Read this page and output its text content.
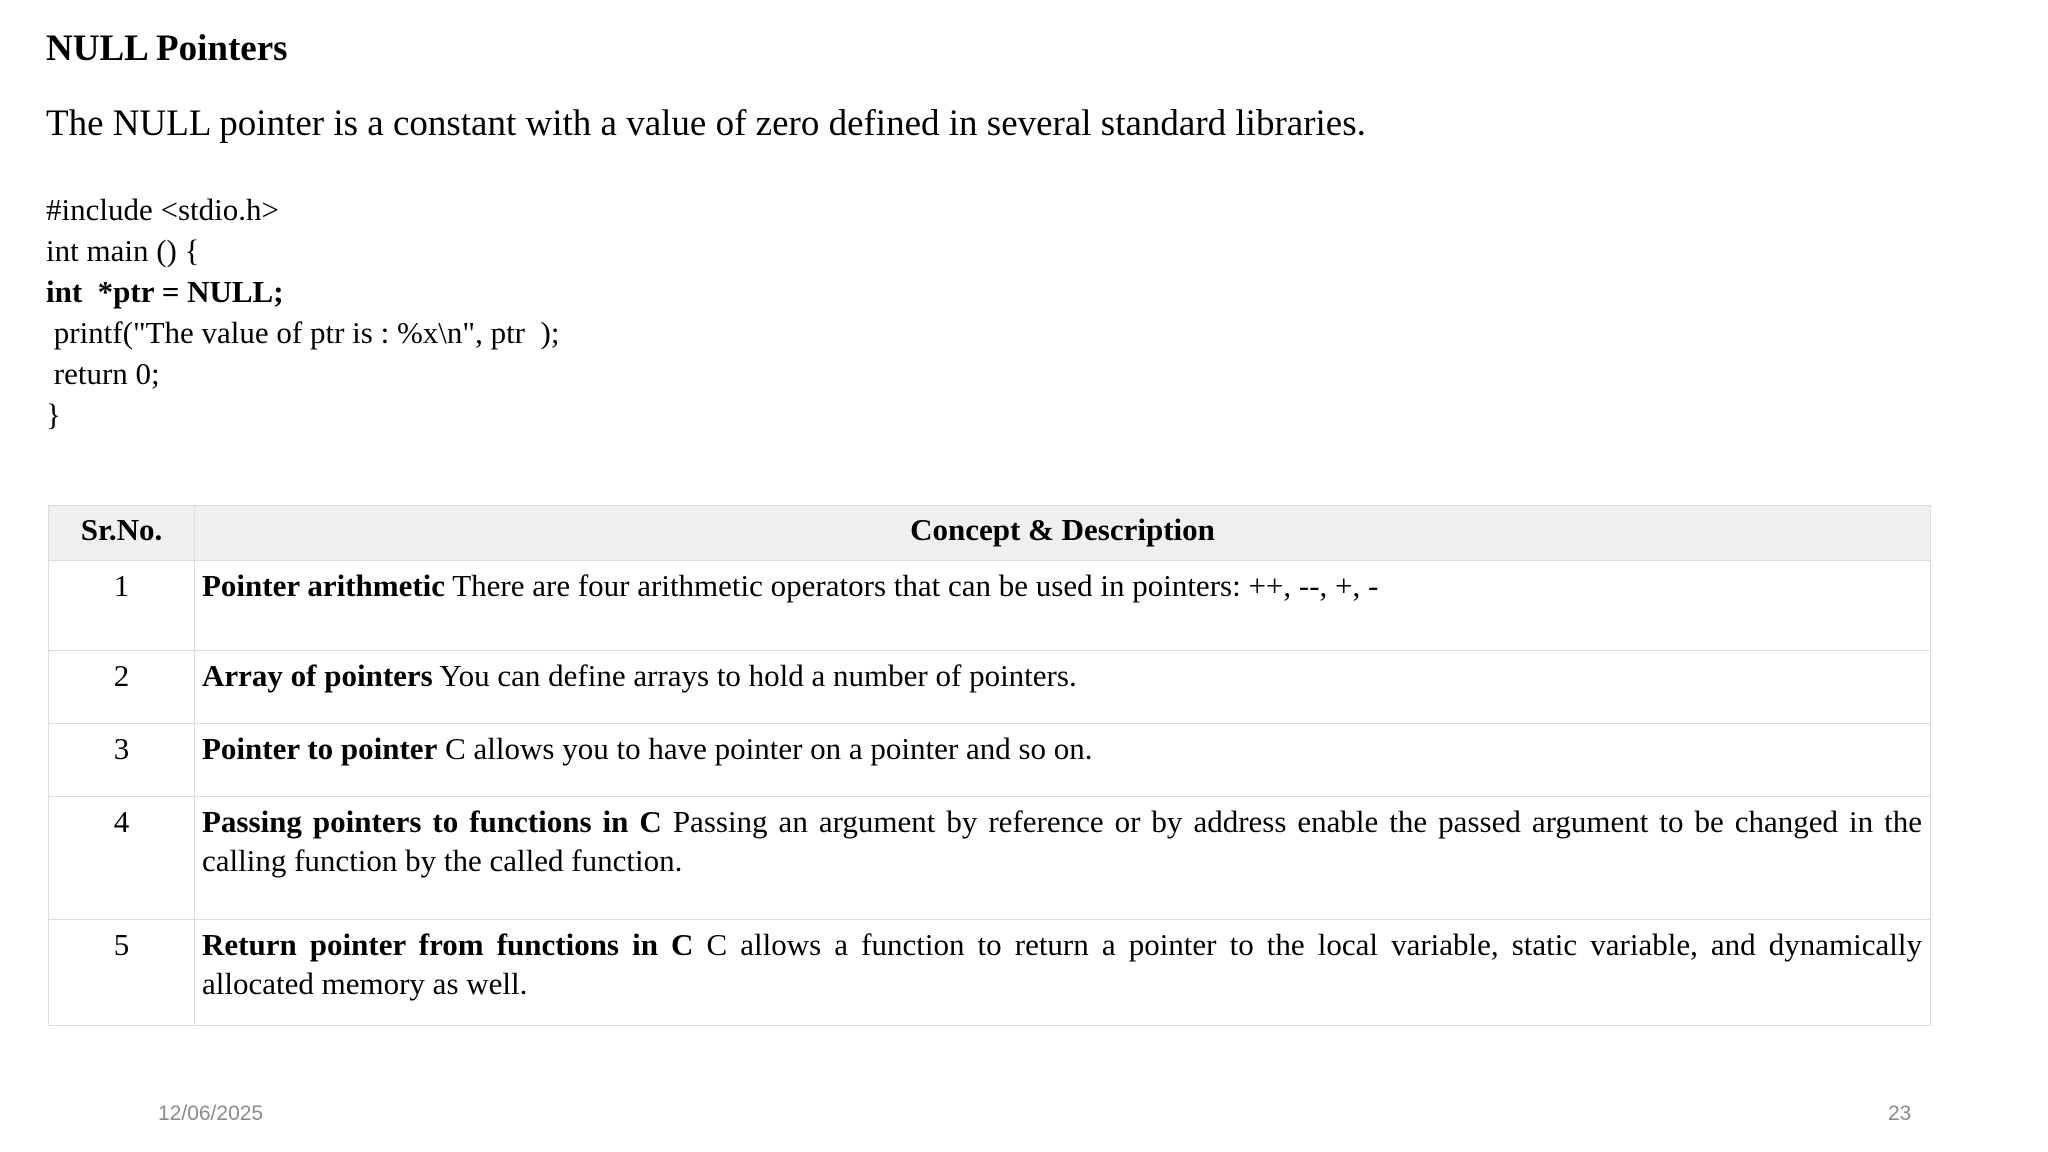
NULL Pointers
The NULL pointer is a constant with a value of zero defined in several standard libraries.
#include <stdio.h>
int main () {
int  *ptr = NULL;
printf("The value of ptr is : %x\n", ptr  );
return 0;
}
Sr.No.	Concept & Description
1	Pointer arithmetic There are four arithmetic operators that can be used in pointers: ++, --, +, -
2	Array of pointers You can define arrays to hold a number of pointers.
3	Pointer to pointer C allows you to have pointer on a pointer and so on.
4	Passing pointers to functions in C Passing an argument by reference or by address enable the passed argument to be changed in the calling function by the called function.
5	Return pointer from functions in C C allows a function to return a pointer to the local variable, static variable, and dynamically allocated memory as well.
12/06/2025	23
